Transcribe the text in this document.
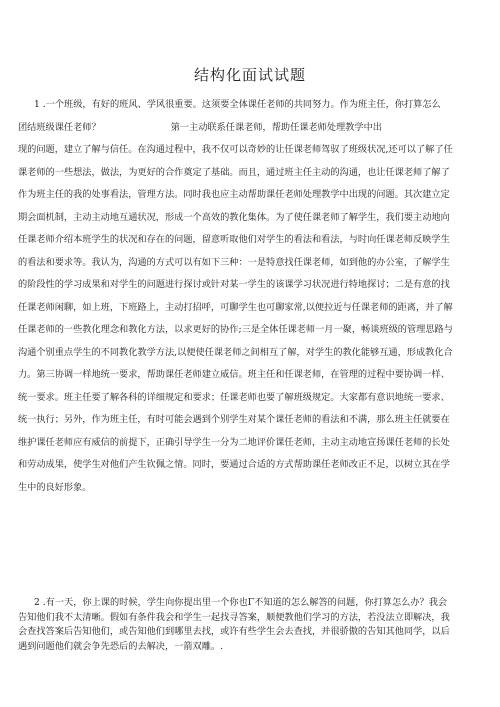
结构化面试试题
1 .一个班级，有好的班风、学风很重要。这须要全体课任老师的共同努力。作为班主任，你打算怎么
团结班级课任老师？	第一主动联系任课老师，帮助任课老师处理教学中出
现的问题，建立了解与信任。在沟通过程中，我不仅可以奇妙的让任课老师驾驭了班级状况,还可以了解了任
课老师的一些想法，做法，为更好的合作奠定了基础。而且，通过班主任主动的沟通，也让任课老师了解了
作为班主任的我的处事看法，管理方法。同时我也应主动帮助课任老师处理教学中出现的问题。其次建立定
期会面机制，主动主动地互通状况，形成一个高效的教化集体。为了使任课老师了解学生，我们要主动地向
任课老师介绍本班学生的状况和存在的问题，留意听取他们对学生的看法和看法，与时向任课老师反映学生
的看法和要求等。我认为，沟通的方式可以有如下三种：一是特意找任课老师，如到他的办公室，了解学生
的阶段性的学习成果和对学生的问题进行探讨或针对某一学生的该课学习状况进行特地探讨；二是有意的找
任课老师闲聊，如上班，下班路上，主动打招呼，可聊学生也可聊家常,以便拉近与任课老师的距离，并了解
任课老师的一些教化理念和教化方法，以求更好的协作;三是全体任课老师一月一聚，畅谈班级的管理思路与
沟通个别重点学生的不同教化教学方法,以便使任课老师之间相互了解，对学生的教化能够互通，形成教化合
力。第三协调一样地统一要求，帮助课任老师建立威信。班主任和任课老师，在管理的过程中要协调一样、
统一要求。班主任要了解各科的详细规定和要求；任课老师也要了解班级规定。大家都有意识地统一要求、
统一执行；另外，作为班主任，有时可能会遇到个别学生对某个课任老师的看法和不满，那么班主任就要在
维护课任老师应有威信的前提下，正确引导学生一分为二地评价课任老师，主动主动地宣扬课任老师的长处
和劳动成果，使学生对他们产生钦佩之情。同时，要通过合适的方式帮助课任老师改正不足，以树立其在学
生中的良好形象。
2 .有一天，你上课的时候，学生向你提出里一个你也Γ不知道的怎么解答的问题，你打算怎么办？我会
告知他们我不太清晰。假如有条件我会和学生一起找寻答案，顺便教他们学习的方法，若没法立即解决，我
会查找答案后告知他们，或告知他们到哪里去找，或许有些学生会去查找，并很骄傲的告知其他同学，以后
遇到问题他们就会争先恐后的去解决，一箭双雕。.
